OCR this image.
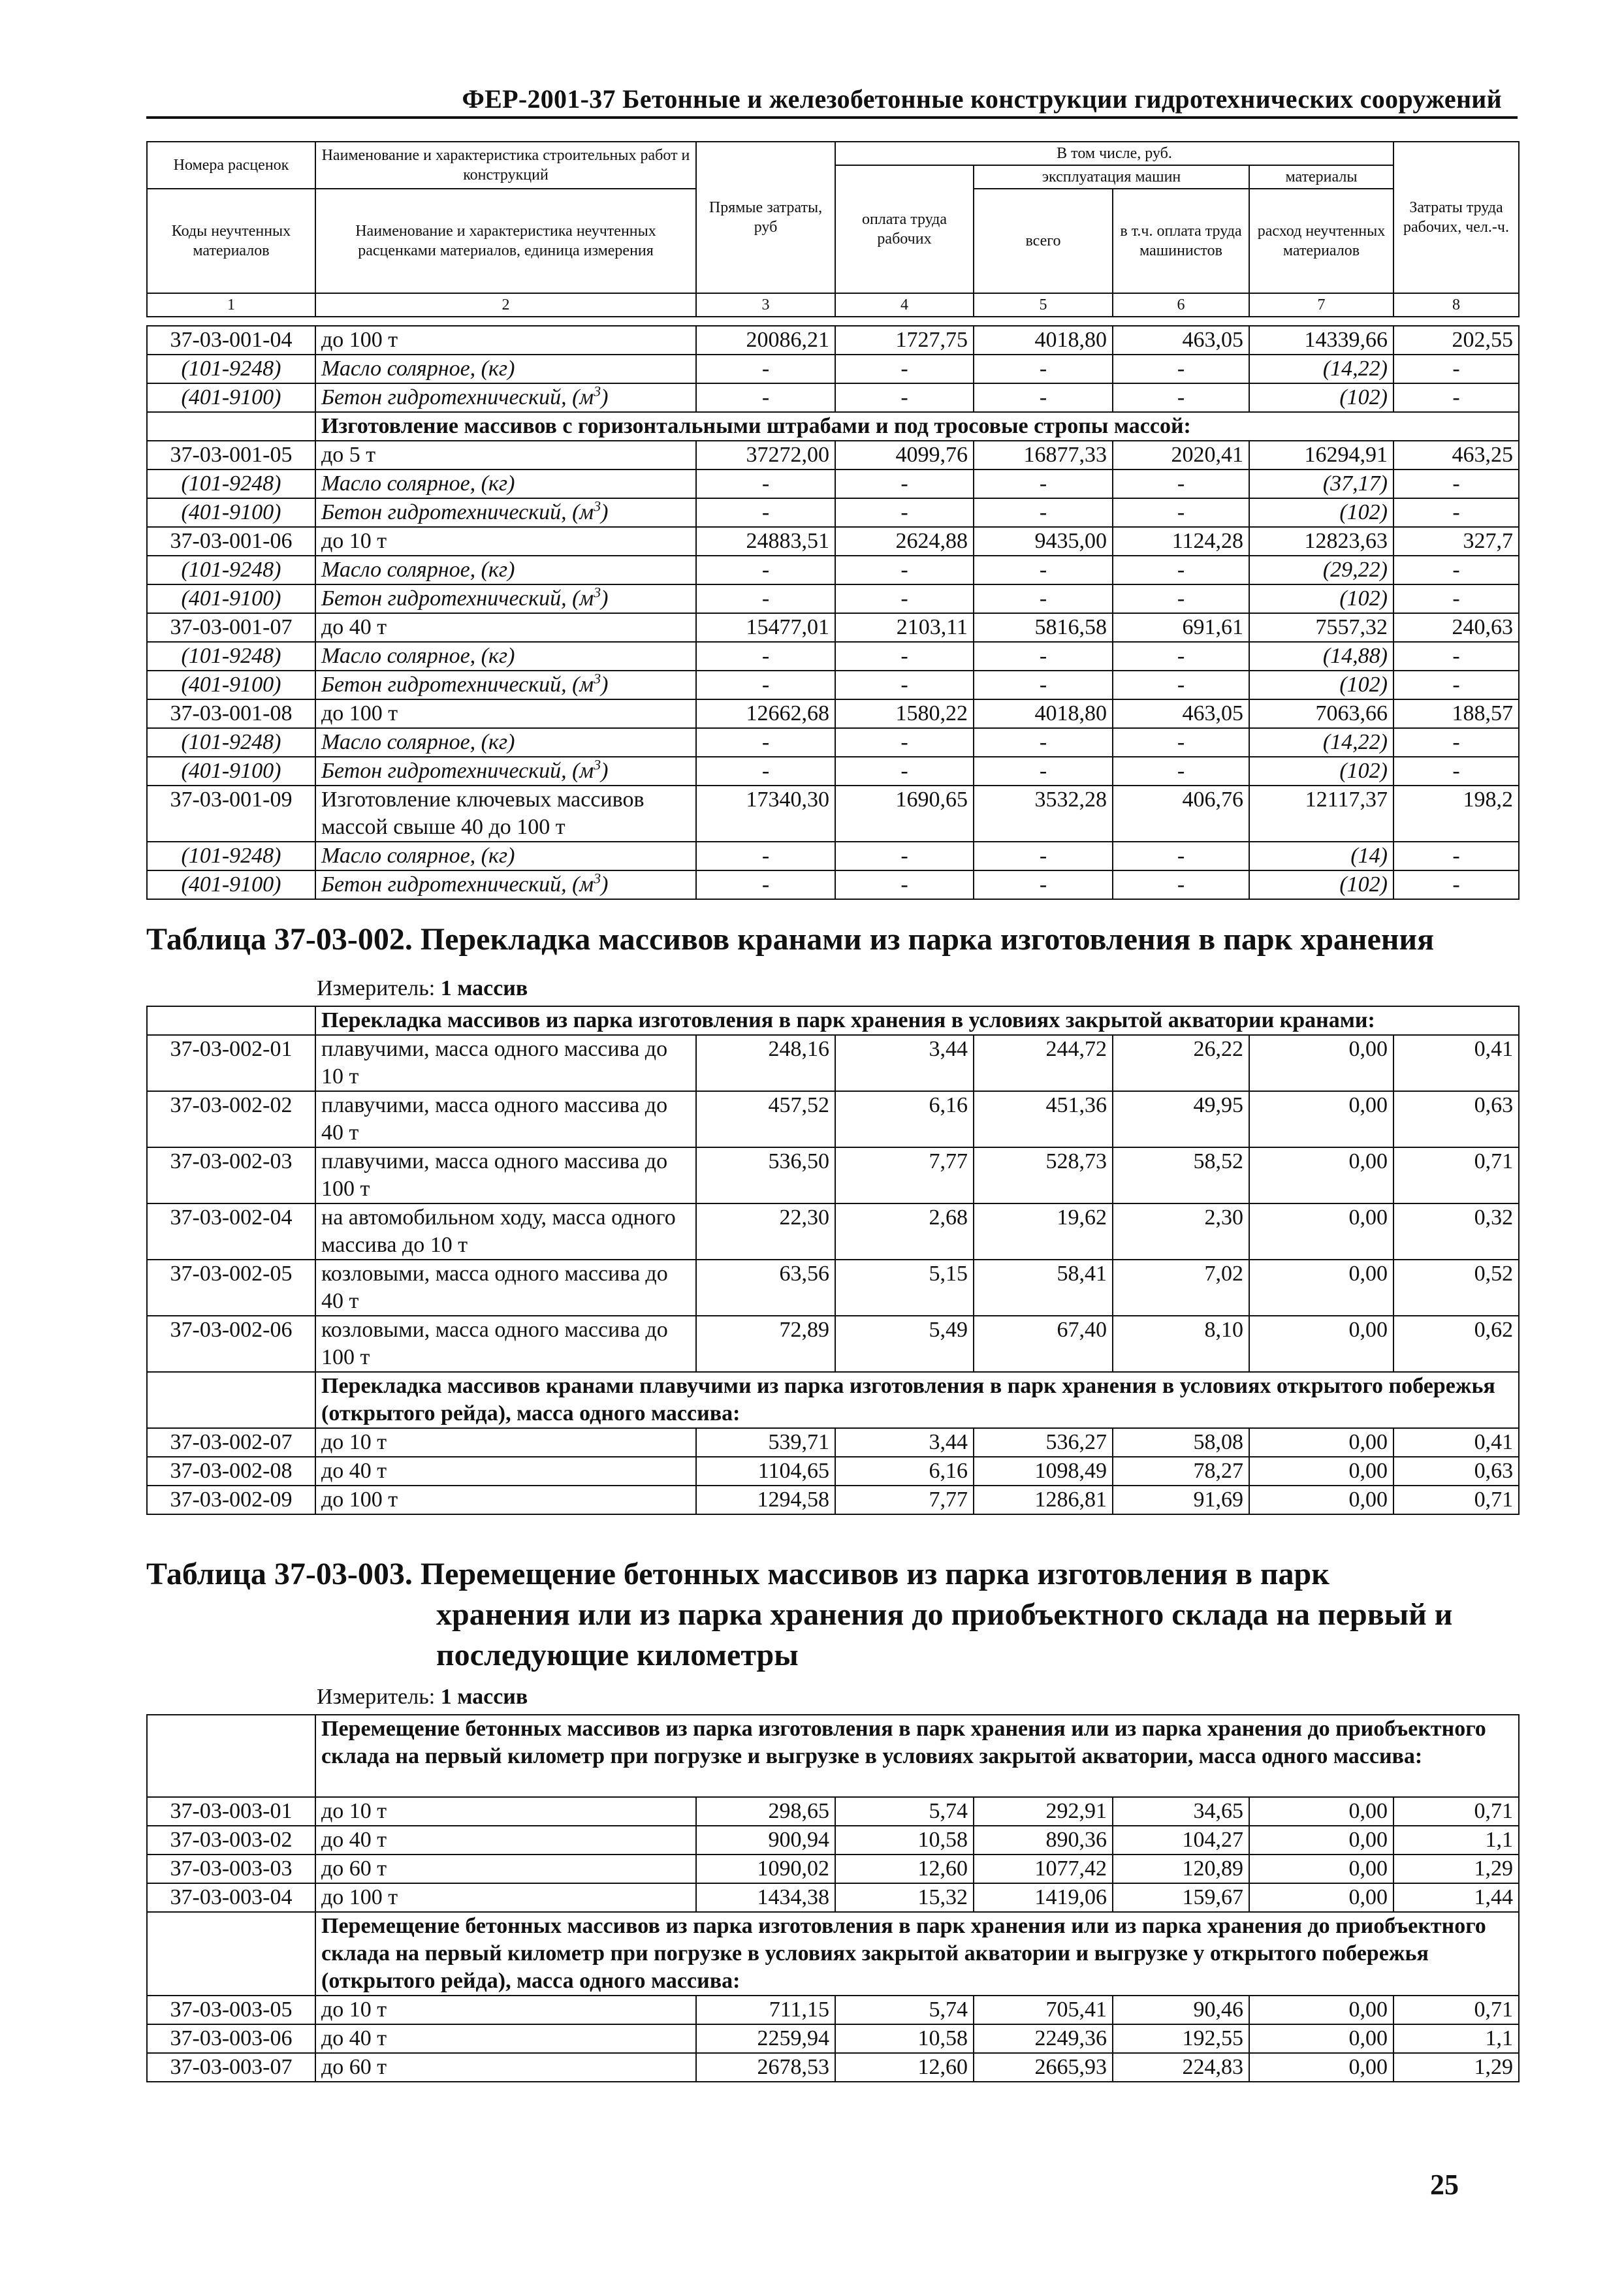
ФЕР-2001-37 Бетонные и железобетонные конструкции гидротехнических сооружений
Номера расценок	Наименование и характеристика строительных работ и конструкций	Прямые затраты, руб	В том числе, руб.				Затраты труда рабочих, чел.-ч.
			оплата труда рабочих	эксплуатация машин		материалы	
Коды неучтенных материалов	Наименование и характеристика неучтенных расценками материалов, единица измерения			всего	в т.ч. оплата труда машинистов	расход неучтенных материалов	

1	2	3	4	5	6	7	8
37-03-001-04	до 100 т	20086,21	1727,75	4018,80	463,05	14339,66	202,55
(101-9248)	Масло солярное, (кг)	-	-	-	-	(14,22)	-
(401-9100)	Бетон гидротехнический, $(м^3)$	-	-	-	-	(102)	-
	Изготовление массивов с горизонтальными штрабами и под тросовые стропы массой:						
37-03-001-05	до 5 т	37272,00	4099,76	16877,33	2020,41	16294,91	463,25
(101-9248)	Масло солярное, (кг)	-	-	-	-	(37,17)	-
(401-9100)	Бетон гидротехнический, $(м^3)$	-	-	-	-	(102)	-
37-03-001-06	до 10 т	24883,51	2624,88	9435,00	1124,28	12823,63	327,7
(101-9248)	Масло солярное, (кг)	-	-	-	-	(29,22)	-
(401-9100)	Бетон гидротехнический, $(м^3)$	-	-	-	-	(102)	-
37-03-001-07	до 40 т	15477,01	2103,11	5816,58	691,61	7557,32	240,63
(101-9248)	Масло солярное, (кг)	-	-	-	-	(14,88)	-
(401-9100)	Бетон гидротехнический, $(м^3)$	-	-	-	-	(102)	-
37-03-001-08	до 100 т	12662,68	1580,22	4018,80	463,05	7063,66	188,57
(101-9248)	Масло солярное, (кг)	-	-	-	-	(14,22)	-
(401-9100)	Бетон гидротехнический, $(м^3)$	-	-	-	-	(102)	-
37-03-001-09	Изготовление ключевых массивов массой свыше 40 до 100 т	17340,30	1690,65	3532,28	406,76	12117,37	198,2
(101-9248)	Масло солярное, (кг)	-	-	-	-	(14)	-
(401-9100)	Бетон гидротехнический, $(м^3)$	-	-	-	-	(102)	-
Таблица 37-03-002. Перекладка массивов кранами из парка изготовления в парк хранения
Измеритель: 1 массив
	Перекладка массивов из парка изготовления в парк хранения в условиях закрытой акватории кранами:						
37-03-002-01	плавучими, масса одного массива до 10 т	248,16	3,44	244,72	26,22	0,00	0,41
37-03-002-02	плавучими, масса одного массива до 40 т	457,52	6,16	451,36	49,95	0,00	0,63
37-03-002-03	плавучими, масса одного массива до 100 т	536,50	7,77	528,73	58,52	0,00	0,71
37-03-002-04	на автомобильном ходу, масса одного массива до 10 т	22,30	2,68	19,62	2,30	0,00	0,32
37-03-002-05	козловыми, масса одного массива до 40 т	63,56	5,15	58,41	7,02	0,00	0,52
37-03-002-06	козловыми, масса одного массива до 100 т	72,89	5,49	67,40	8,10	0,00	0,62
	Перекладка массивов кранами плавучими из парка изготовления в парк хранения в условиях открытого побережья (открытого рейда), масса одного массива:						
37-03-002-07	до 10 т	539,71	3,44	536,27	58,08	0,00	0,41
37-03-002-08	до 40 т	1104,65	6,16	1098,49	78,27	0,00	0,63
37-03-002-09	до 100 т	1294,58	7,77	1286,81	91,69	0,00	0,71
Таблица 37-03-003. Перемещение бетонных массивов из парка изготовления в парк
хранения или из парка хранения до приобъектного склада на первый и
последующие километры
Измеритель: 1 массив
	Перемещение бетонных массивов из парка изготовления в парк хранения или из парка хранения до приобъектного склада на первый километр при погрузке и выгрузке в условиях закрытой акватории, масса одного массива:						
37-03-003-01	до 10 т	298,65	5,74	292,91	34,65	0,00	0,71
37-03-003-02	до 40 т	900,94	10,58	890,36	104,27	0,00	1,1
37-03-003-03	до 60 т	1090,02	12,60	1077,42	120,89	0,00	1,29
37-03-003-04	до 100 т	1434,38	15,32	1419,06	159,67	0,00	1,44
	Перемещение бетонных массивов из парка изготовления в парк хранения или из парка хранения до приобъектного склада на первый километр при погрузке в условиях закрытой акватории и выгрузке у открытого побережья (открытого рейда), масса одного массива:						
37-03-003-05	до 10 т	711,15	5,74	705,41	90,46	0,00	0,71
37-03-003-06	до 40 т	2259,94	10,58	2249,36	192,55	0,00	1,1
37-03-003-07	до 60 т	2678,53	12,60	2665,93	224,83	0,00	1,29
25
